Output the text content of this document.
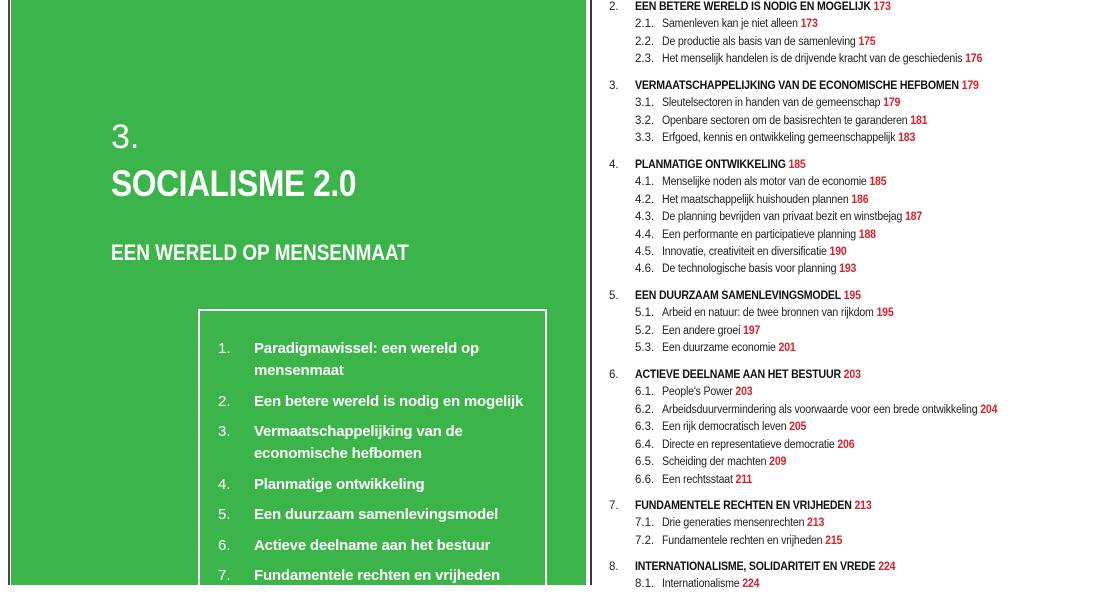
3.
SOCIALISME 2.0
EEN WERELD OP MENSENMAAT
1.	Paradigmawissel: een wereld op
mensenmaat
2.	Een betere wereld is nodig en mogelijk
3.	Vermaatschappelijking van de
economische hefbomen
4.	Planmatige ontwikkeling
5.	Een duurzaam samenlevingsmodel
6.	Actieve deelname aan het bestuur
7.	Fundamentele rechten en vrijheden
2. EEN BETERE WERELD IS NODIG EN MOGELIJK 173
2.1. Samenleven kan je niet alleen 173
2.2. De productie als basis van de samenleving 175
2.3. Het menselijk handelen is de drijvende kracht van de geschiedenis 176
3. VERMAATSCHAPPELIJKING VAN DE ECONOMISCHE HEFBOMEN 179
3.1. Sleutelsectoren in handen van de gemeenschap 179
3.2. Openbare sectoren om de basisrechten te garanderen 181
3.3. Erfgoed, kennis en ontwikkeling gemeenschappelijk 183
4. PLANMATIGE ONTWIKKELING 185
4.1. Menselijke noden als motor van de economie 185
4.2. Het maatschappelijk huishouden plannen 186
4.3. De planning bevrijden van privaat bezit en winstbejag 187
4.4. Een performante en participatieve planning 188
4.5. Innovatie, creativiteit en diversificatie 190
4.6. De technologische basis voor planning 193
5. EEN DUURZAAM SAMENLEVINGSMODEL 195
5.1. Arbeid en natuur: de twee bronnen van rijkdom 195
5.2. Een andere groei 197
5.3. Een duurzame economie 201
6. ACTIEVE DEELNAME AAN HET BESTUUR 203
6.1. People's Power 203
6.2. Arbeidsduurvermindering als voorwaarde voor een brede ontwikkeling 204
6.3. Een rijk democratisch leven 205
6.4. Directe en representatieve democratie 206
6.5. Scheiding der machten 209
6.6. Een rechtsstaat 211
7. FUNDAMENTELE RECHTEN EN VRIJHEDEN 213
7.1. Drie generaties mensenrechten 213
7.2. Fundamentele rechten en vrijheden 215
8. INTERNATIONALISME, SOLIDARITEIT EN VREDE 224
8.1. Internationalisme 224
